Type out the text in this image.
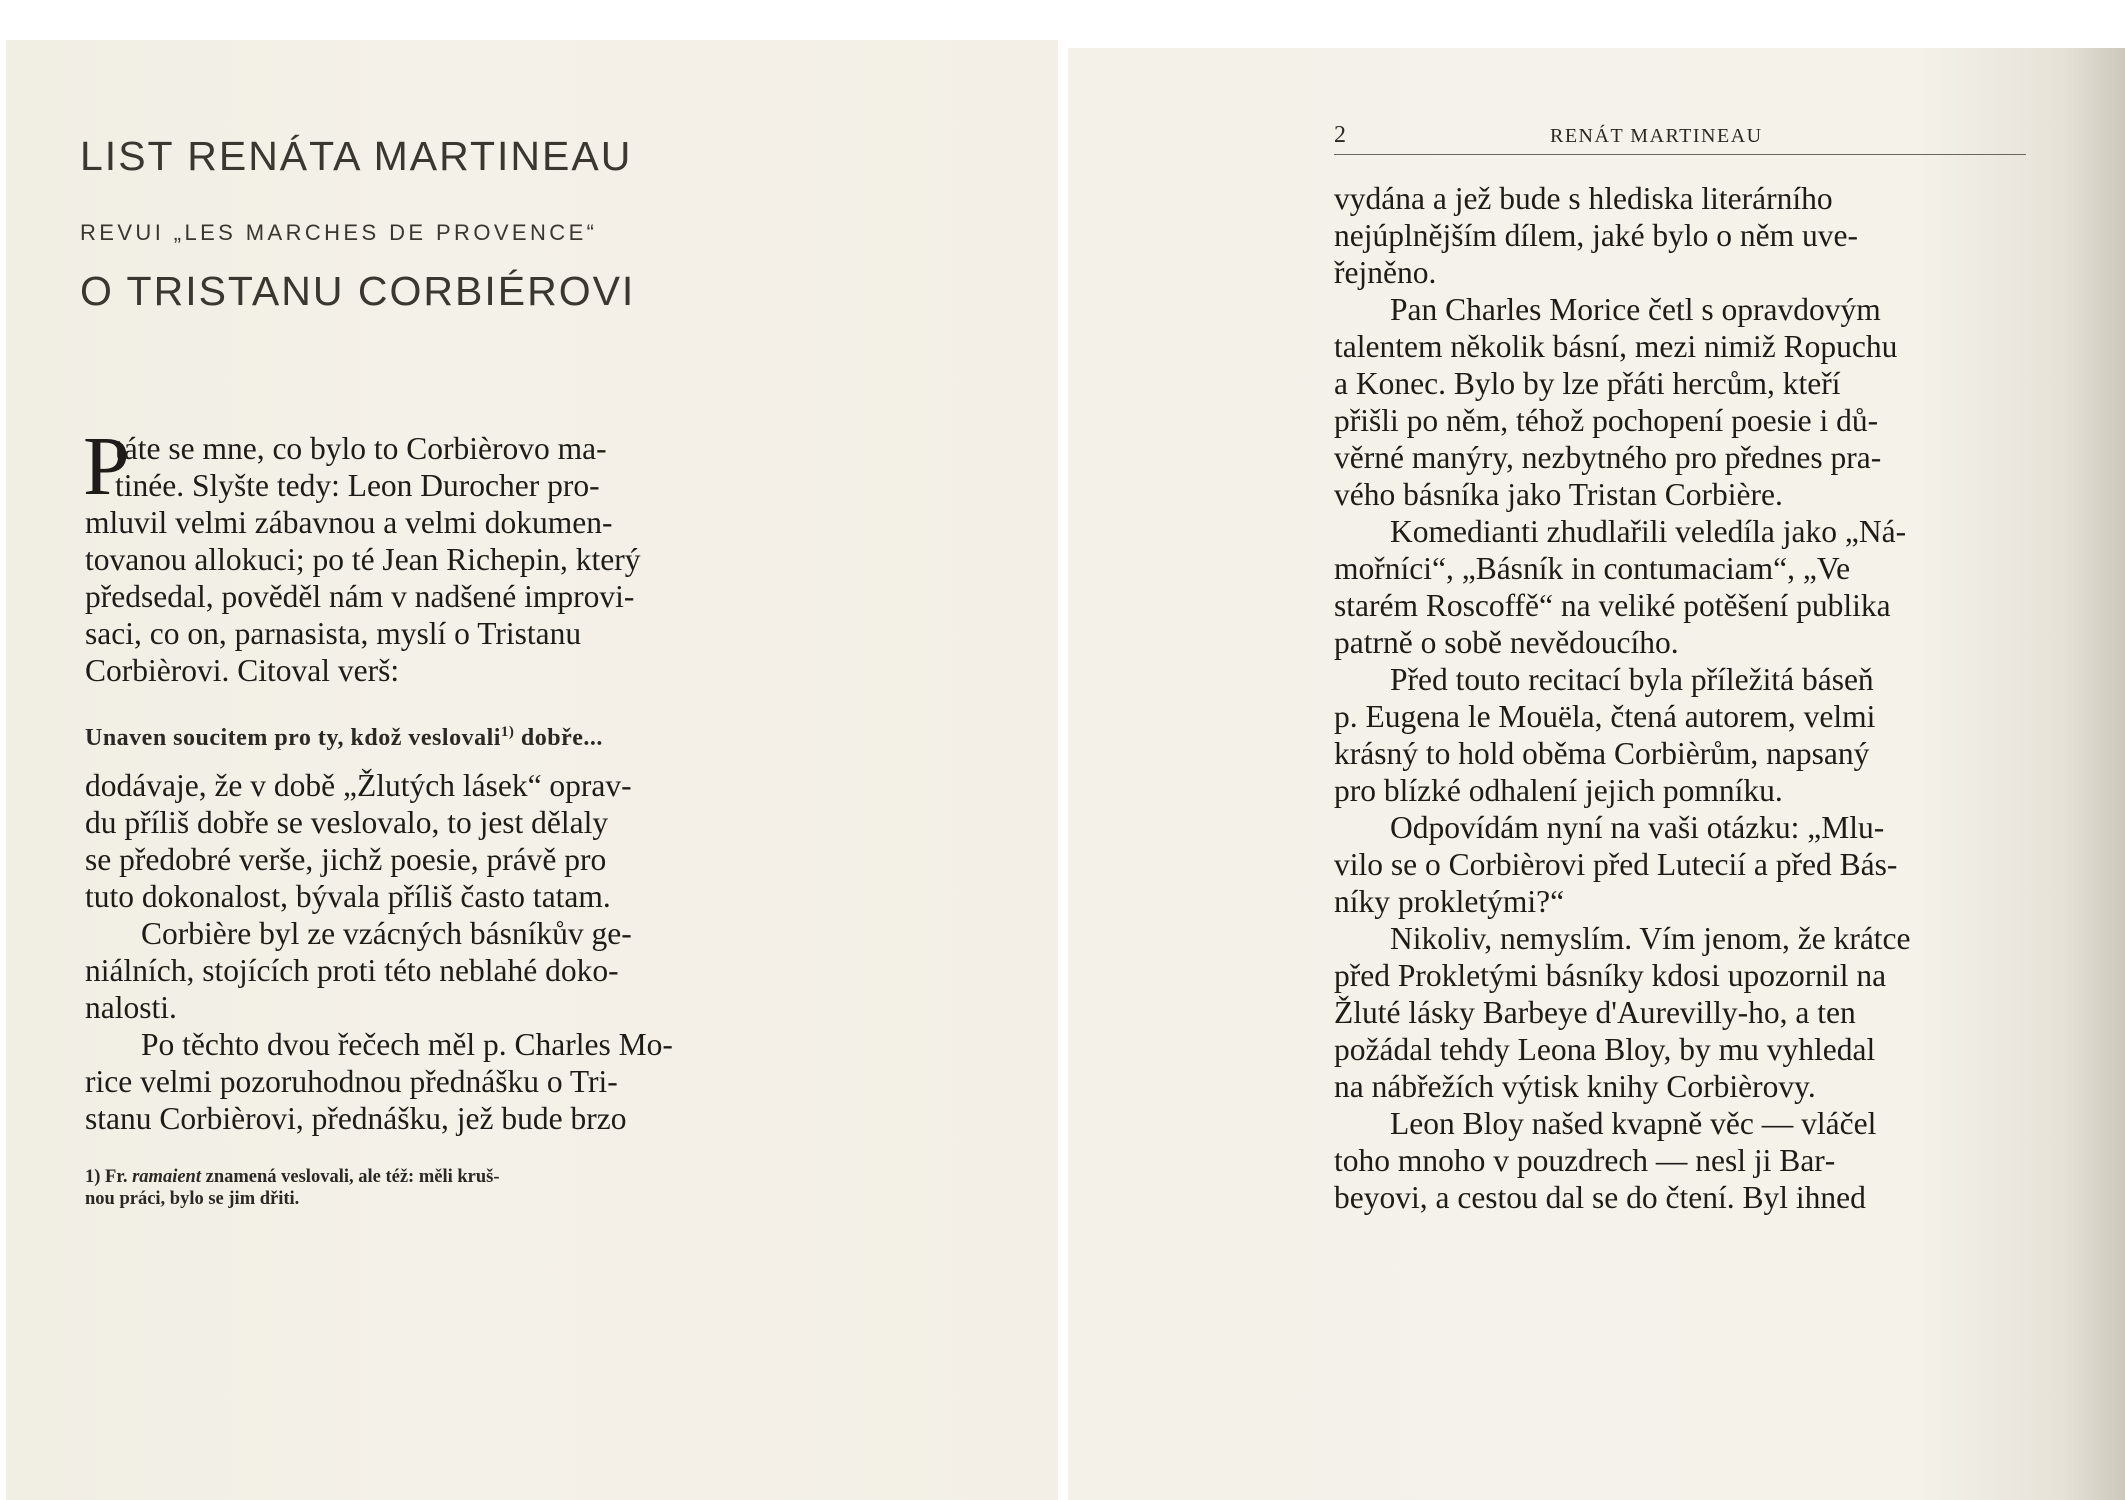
LIST RENÁTA MARTINEAU
REVUI „LES MARCHES DE PROVENCE“
O TRISTANU CORBIÉROVI
P
táte se mne, co bylo to Corbièrovo ma‑
tinée. Slyšte tedy: Leon Durocher pro‑
mluvil velmi zábavnou a velmi dokumen‑
tovanou allokuci; po té Jean Richepin, který
předsedal, pověděl nám v nadšené improvi‑
saci, co on, parnasista, myslí o Tristanu
Corbièrovi. Citoval verš:
Unaven soucitem pro ty, kdož veslovali$^{1)}$ dobře...
dodávaje, že v době „Žlutých lásek“ oprav‑
du příliš dobře se veslovalo, to jest dělaly
se předobré verše, jichž poesie, právě pro
tuto dokonalost, bývala příliš často tatam.
Corbière byl ze vzácných básníkův ge‑
niálních, stojících proti této neblahé doko‑
nalosti.
Po těchto dvou řečech měl p. Charles Mo‑
rice velmi pozoruhodnou přednášku o Tri‑
stanu Corbièrovi, přednášku, jež bude brzo
1) Fr. ramaient znamená veslovali, ale též: měli kruš‑
nou práci, bylo se jim dřiti.
2	RENÁT MARTINEAU
vydána a jež bude s hlediska literárního
nejúplnějším dílem, jaké bylo o něm uve‑
řejněno.
Pan Charles Morice četl s opravdovým
talentem několik básní, mezi nimiž Ropuchu
a Konec. Bylo by lze přáti hercům, kteří
přišli po něm, téhož pochopení poesie i dů‑
věrné manýry, nezbytného pro přednes pra‑
vého básníka jako Tristan Corbière.
Komedianti zhudlařili veledíla jako „Ná‑
mořníci“, „Básník in contumaciam“, „Ve
starém Roscoffě“ na veliké potěšení publika
patrně o sobě nevědoucího.
Před touto recitací byla příležitá báseň
p. Eugena le Mouëla, čtená autorem, velmi
krásný to hold oběma Corbièrům, napsaný
pro blízké odhalení jejich pomníku.
Odpovídám nyní na vaši otázku: „Mlu‑
vilo se o Corbièrovi před Lutecií a před Bás‑
níky prokletými?“
Nikoliv, nemyslím. Vím jenom, že krátce
před Prokletými básníky kdosi upozornil na
Žluté lásky Barbeye d'Aurevilly‑ho, a ten
požádal tehdy Leona Bloy, by mu vyhledal
na nábřežích výtisk knihy Corbièrovy.
Leon Bloy našed kvapně věc — vláčel
toho mnoho v pouzdrech — nesl ji Bar‑
beyovi, a cestou dal se do čtení. Byl ihned
